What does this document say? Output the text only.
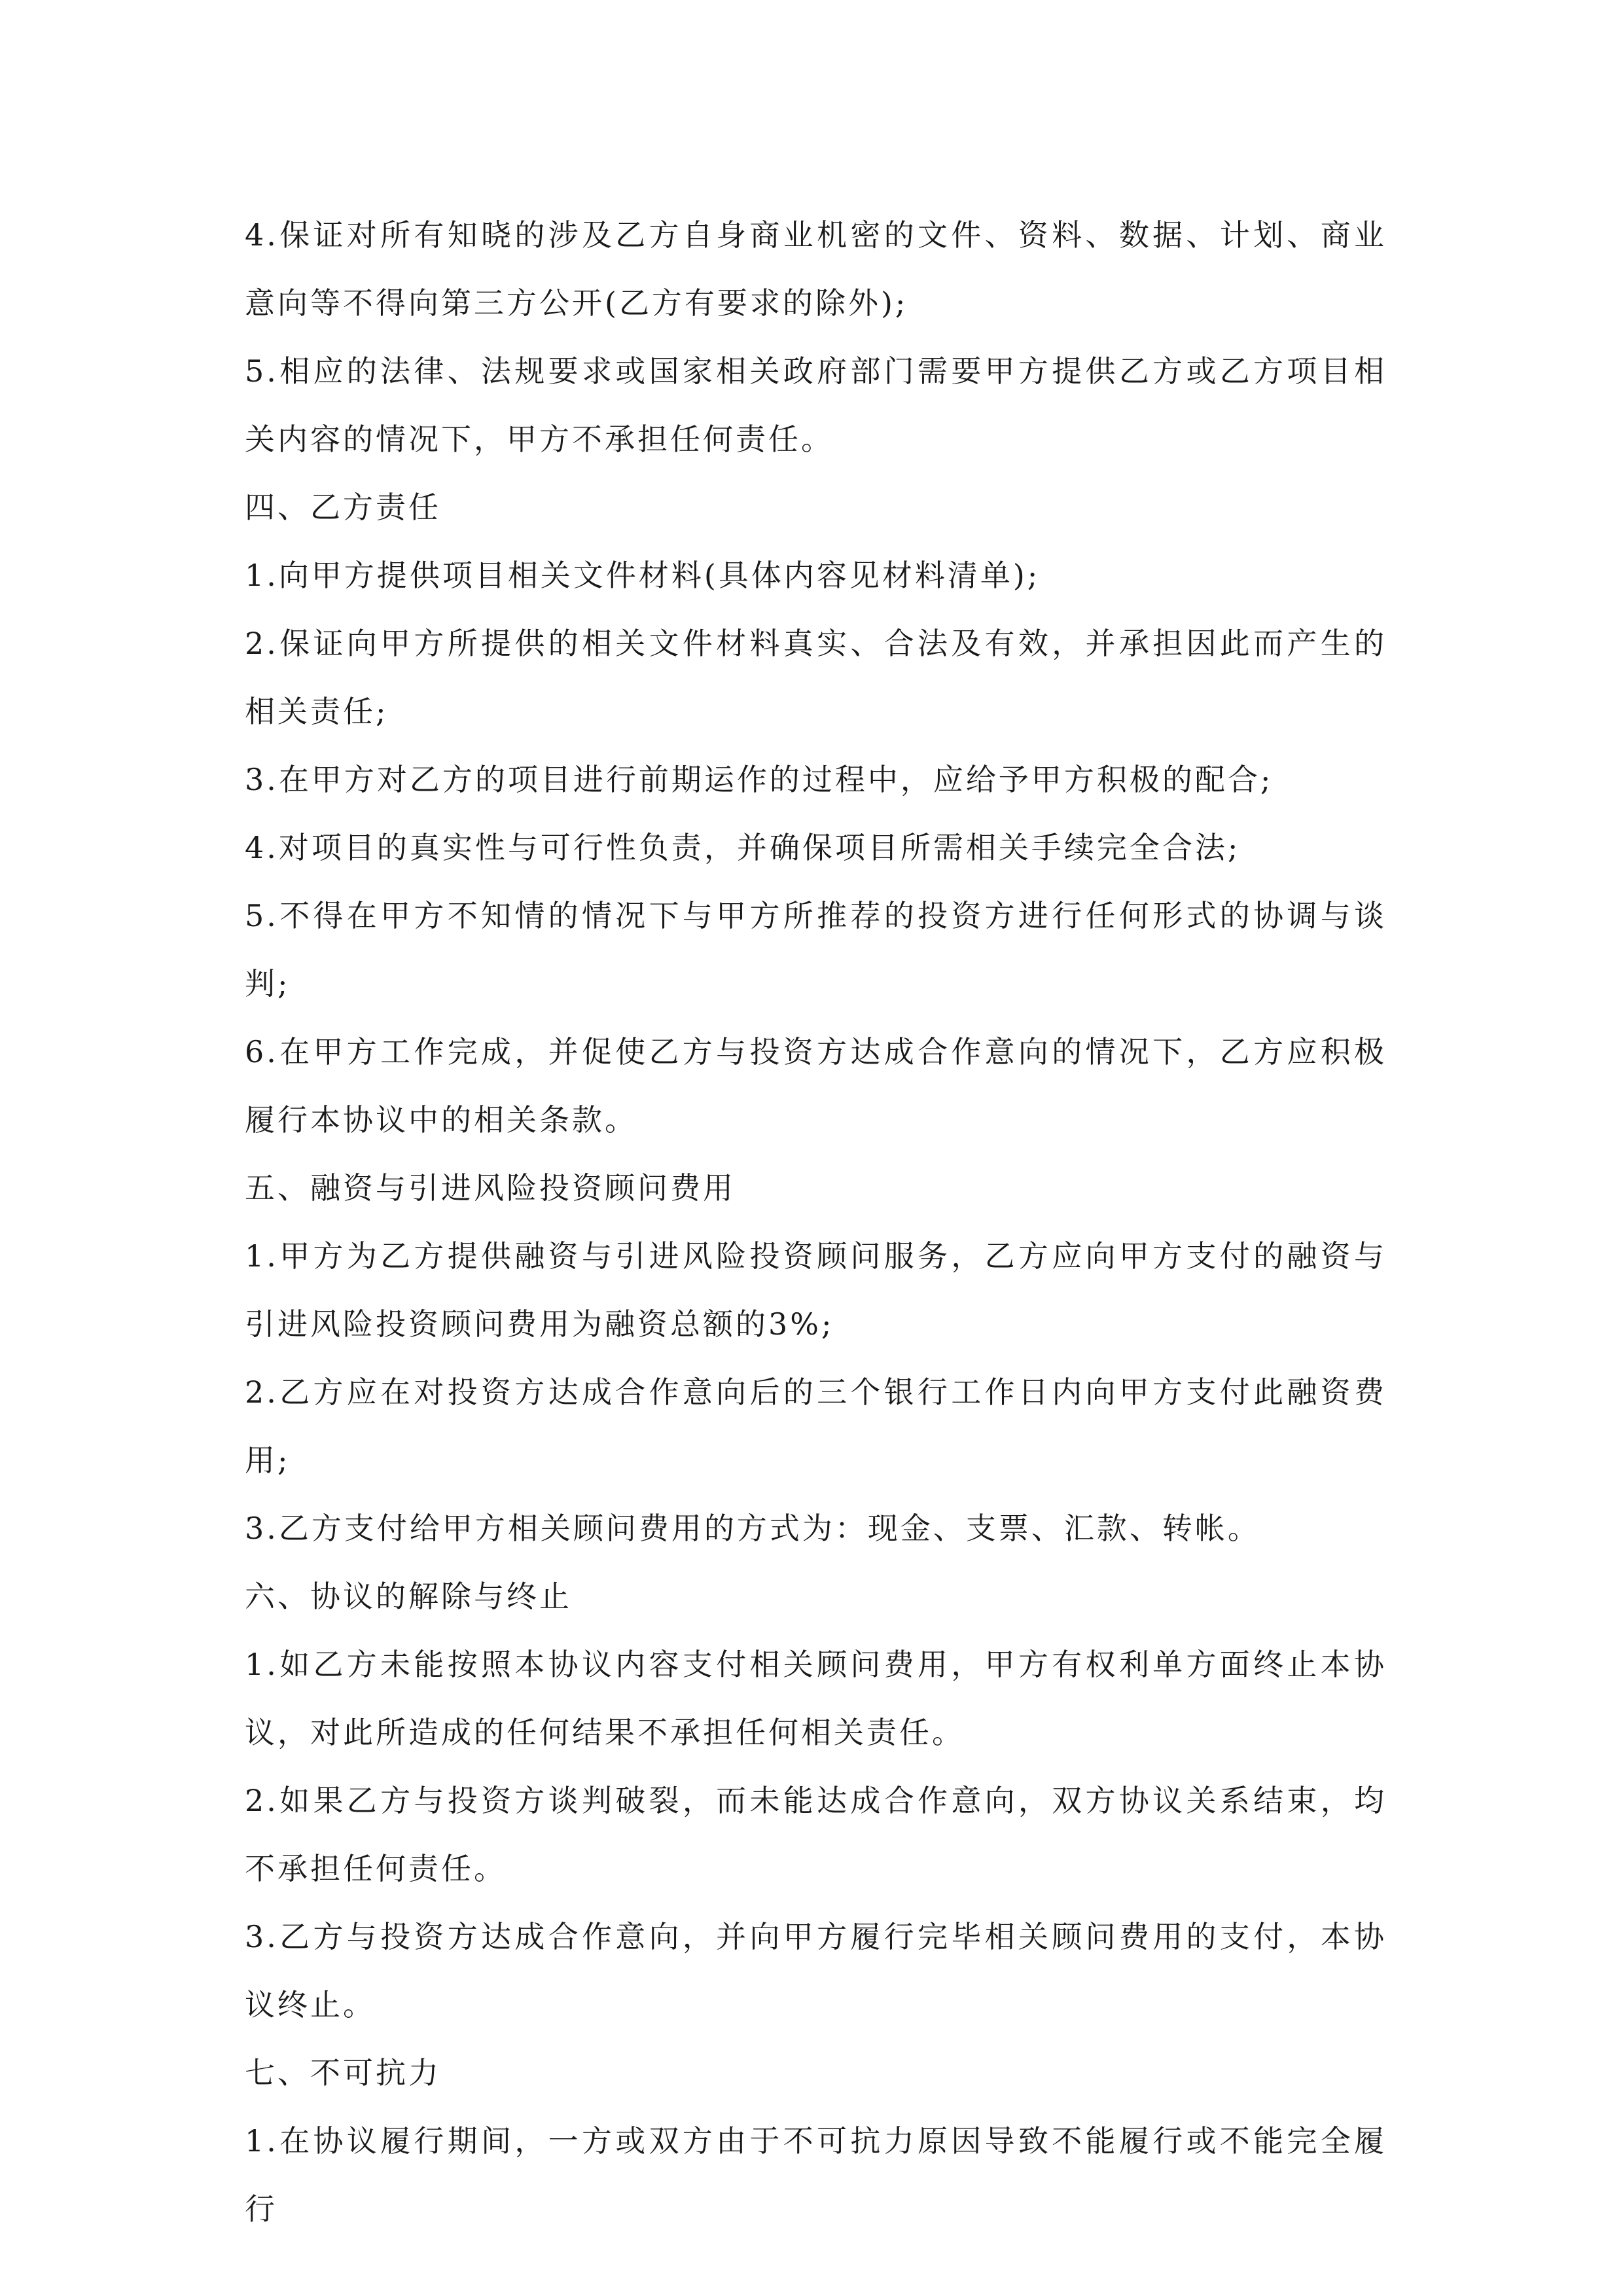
4.保证对所有知晓的涉及乙方自身商业机密的文件、资料、数据、计划、商业意向等不得向第三方公开(乙方有要求的除外);

5.相应的法律、法规要求或国家相关政府部门需要甲方提供乙方或乙方项目相关内容的情况下，甲方不承担任何责任。

四、乙方责任

1.向甲方提供项目相关文件材料(具体内容见材料清单);

2.保证向甲方所提供的相关文件材料真实、合法及有效，并承担因此而产生的相关责任;

3.在甲方对乙方的项目进行前期运作的过程中，应给予甲方积极的配合;

4.对项目的真实性与可行性负责，并确保项目所需相关手续完全合法;

5.不得在甲方不知情的情况下与甲方所推荐的投资方进行任何形式的协调与谈判;

6.在甲方工作完成，并促使乙方与投资方达成合作意向的情况下，乙方应积极履行本协议中的相关条款。

五、融资与引进风险投资顾问费用

1.甲方为乙方提供融资与引进风险投资顾问服务，乙方应向甲方支付的融资与引进风险投资顾问费用为融资总额的3%;

2.乙方应在对投资方达成合作意向后的三个银行工作日内向甲方支付此融资费用;

3.乙方支付给甲方相关顾问费用的方式为：现金、支票、汇款、转帐。

六、协议的解除与终止

1.如乙方未能按照本协议内容支付相关顾问费用，甲方有权利单方面终止本协议，对此所造成的任何结果不承担任何相关责任。

2.如果乙方与投资方谈判破裂，而未能达成合作意向，双方协议关系结束，均不承担任何责任。

3.乙方与投资方达成合作意向，并向甲方履行完毕相关顾问费用的支付，本协议终止。

七、不可抗力

1.在协议履行期间，一方或双方由于不可抗力原因导致不能履行或不能完全履行
